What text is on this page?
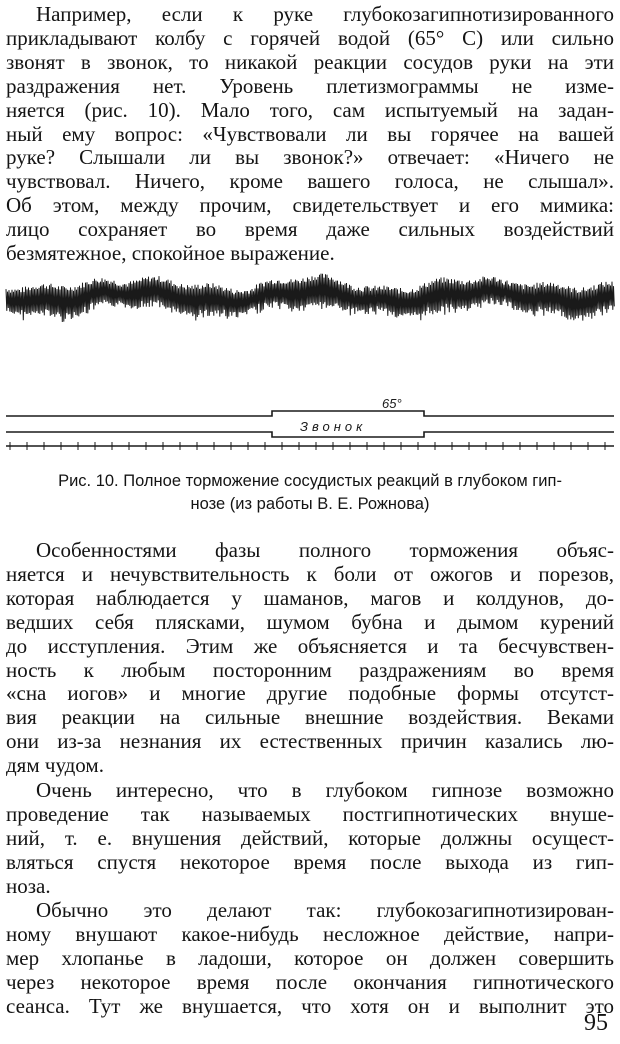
Например, если к руке глубокозагипнотизированного
прикладывают колбу с горячей водой (65° С) или сильно
звонят в звонок, то никакой реакции сосудов руки на эти
раздражения нет. Уровень плетизмограммы не изме-
няется (рис. 10). Мало того, сам испытуемый на задан-
ный ему вопрос: «Чувствовали ли вы горячее на вашей
руке? Слышали ли вы звонок?» отвечает: «Ничего не
чувствовал. Ничего, кроме вашего голоса, не слышал».
Об этом, между прочим, свидетельствует и его мимика:
лицо сохраняет во время даже сильных воздействий
безмятежное, спокойное выражение.
65°
Звонок
Рис. 10. Полное торможение сосудистых реакций в глубоком гип-
нозе (из работы В. Е. Рожнова)
Особенностями фазы полного торможения объяс-
няется и нечувствительность к боли от ожогов и порезов,
которая наблюдается у шаманов, магов и колдунов, до-
ведших себя плясками, шумом бубна и дымом курений
до исступления. Этим же объясняется и та бесчувствен-
ность к любым посторонним раздражениям во время
«сна иогов» и многие другие подобные формы отсутст-
вия реакции на сильные внешние воздействия. Веками
они из-за незнания их естественных причин казались лю-
дям чудом.
Очень интересно, что в глубоком гипнозе возможно
проведение так называемых постгипнотических внуше-
ний, т. е. внушения действий, которые должны осущест-
вляться спустя некоторое время после выхода из гип-
ноза.
Обычно это делают так: глубокозагипнотизирован-
ному внушают какое-нибудь несложное действие, напри-
мер хлопанье в ладоши, которое он должен совершить
через некоторое время после окончания гипнотического
сеанса. Тут же внушается, что хотя он и выполнит это
95
